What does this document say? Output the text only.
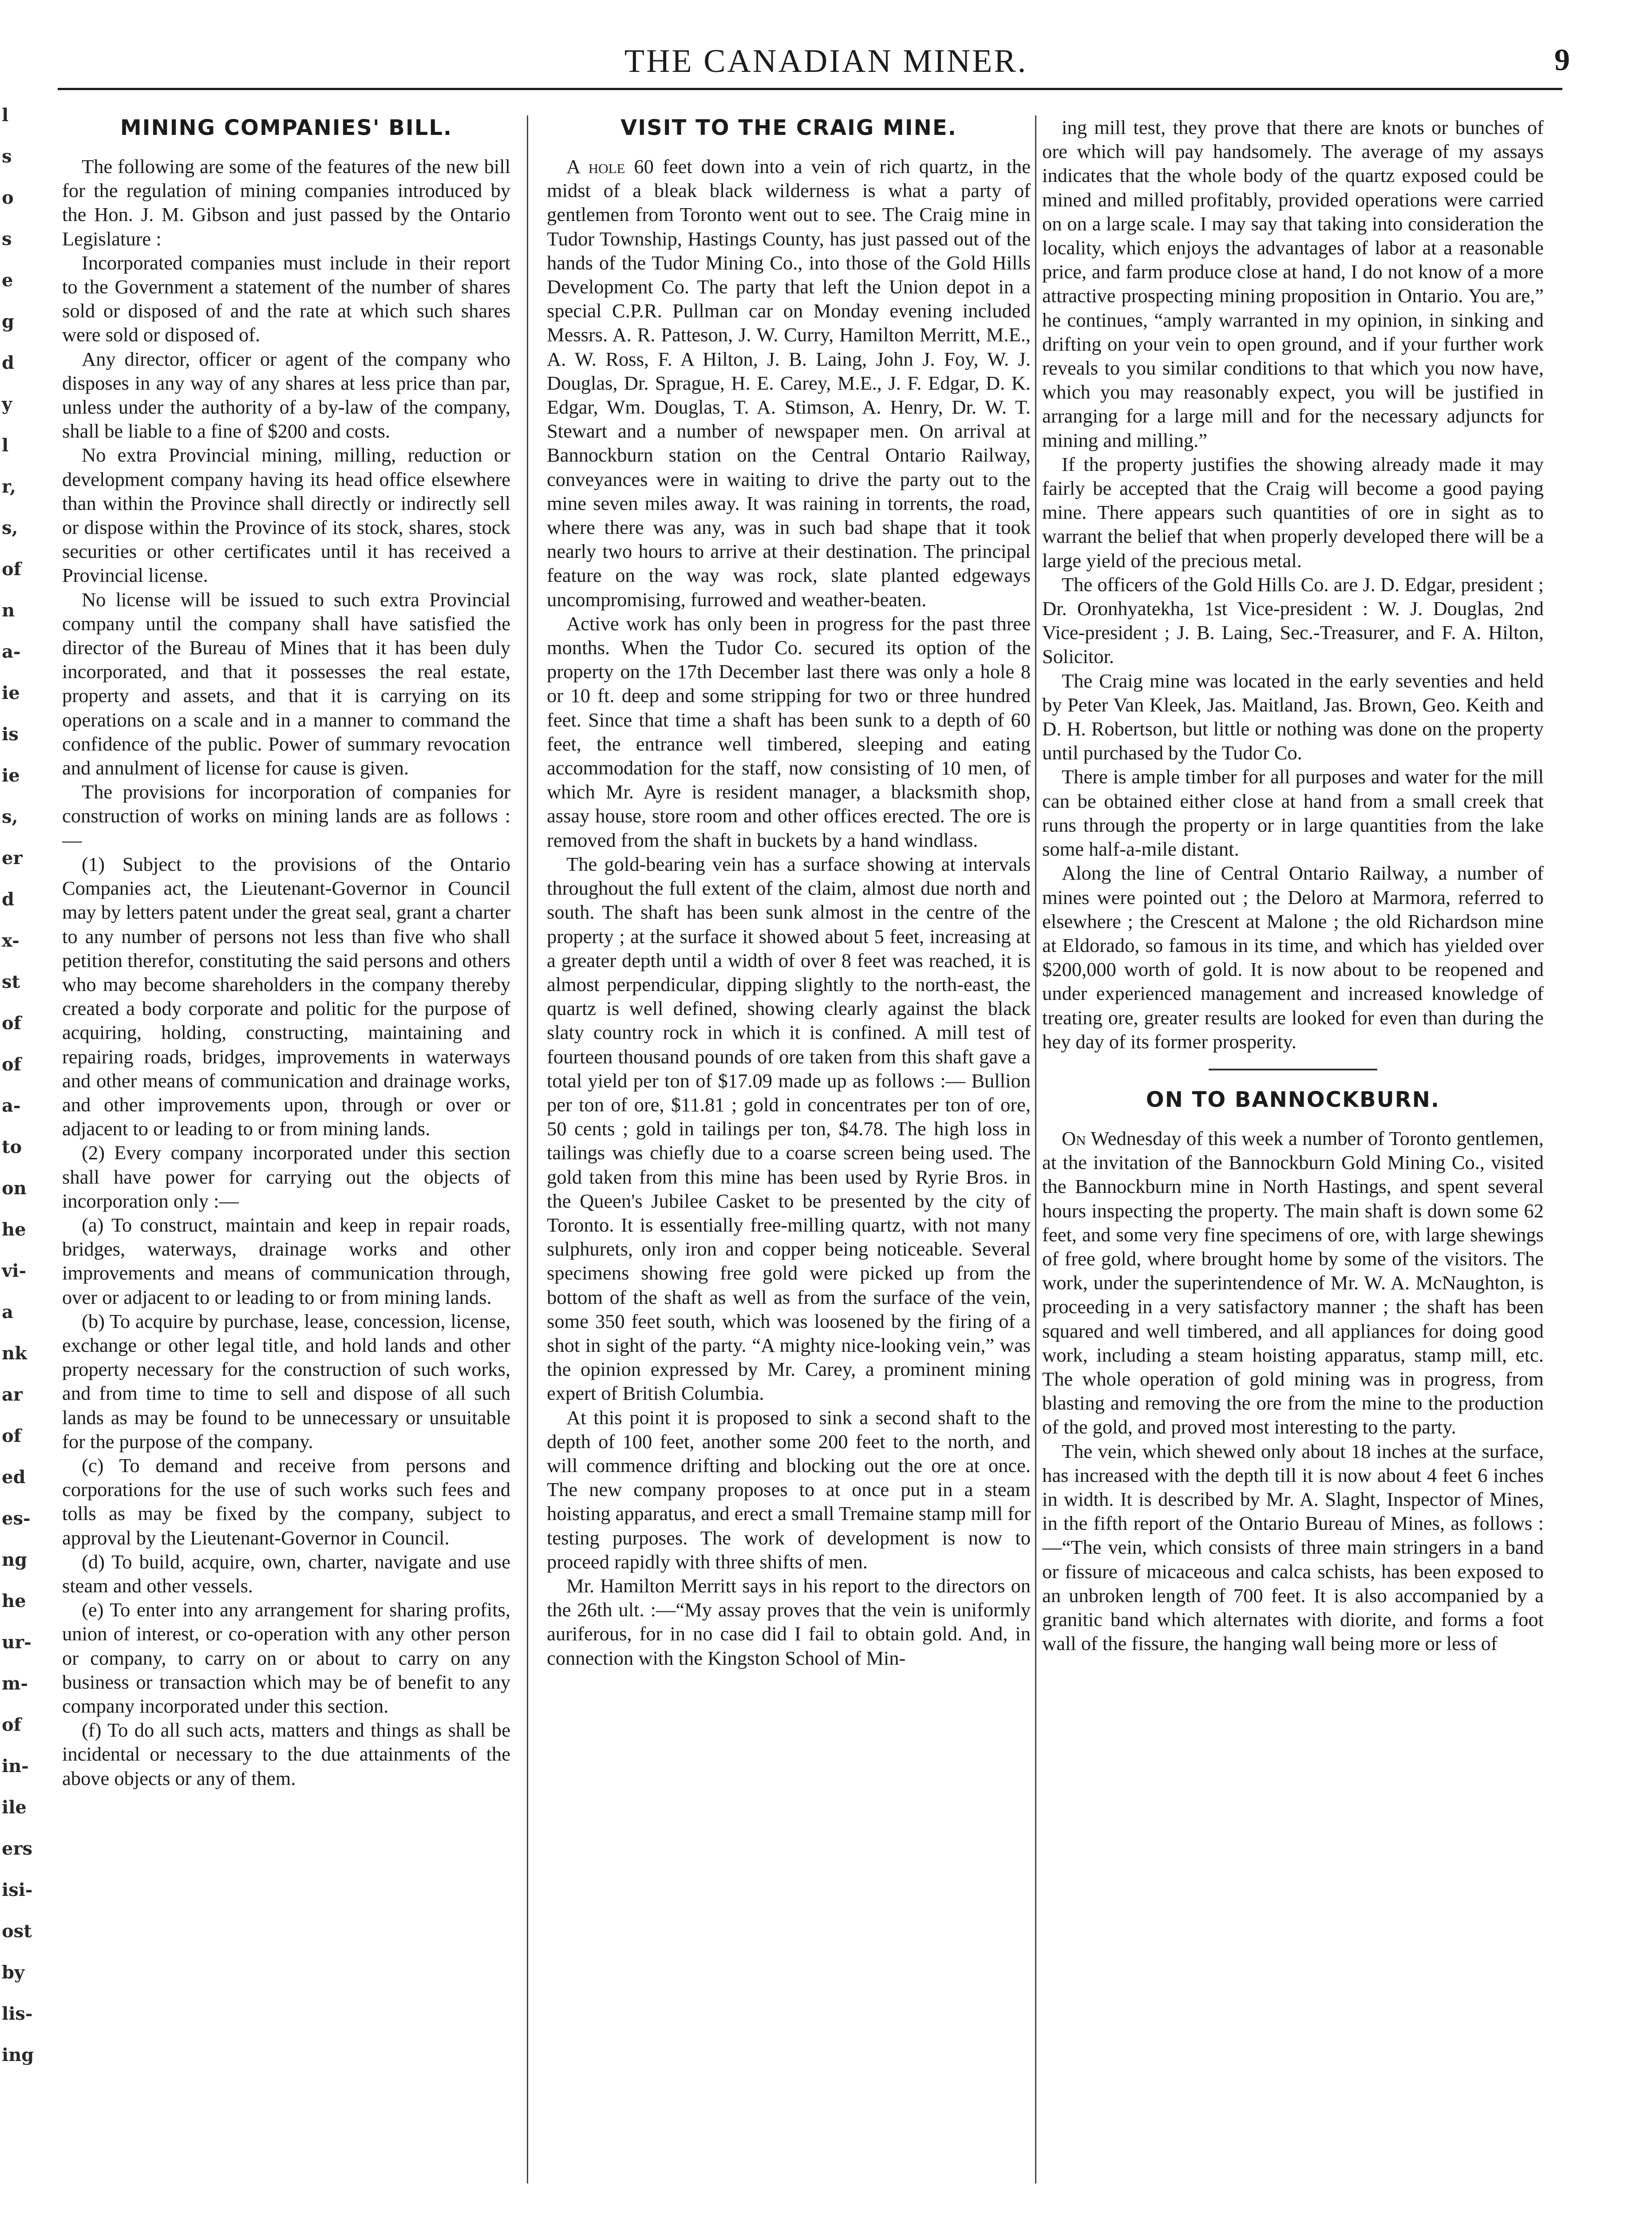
l
s
o
s
e
g
d
y
l
r,
s,
of
n
a-
ie
is
ie
s,
er
d
x-
st
of
of
a-
to
on
he
vi-
a
nk
ar
of
ed
es-
ng
he
ur-
m-
of
in-
ile
ers
isi-
ost
by
lis-
ing
THE CANADIAN MINER.	9
MINING COMPANIES' BILL.

The following are some of the features of the new bill for the regulation of mining companies introduced by the Hon. J. M. Gibson and just passed by the Ontario Legislature :

Incorporated companies must include in their report to the Government a statement of the number of shares sold or disposed of and the rate at which such shares were sold or disposed of.

Any director, officer or agent of the company who disposes in any way of any shares at less price than par, unless under the authority of a by-law of the company, shall be liable to a fine of $200 and costs.

No extra Provincial mining, milling, reduction or development company having its head office elsewhere than within the Province shall directly or indirectly sell or dispose within the Province of its stock, shares, stock securities or other certificates until it has received a Provincial license.

No license will be issued to such extra Provincial company until the company shall have satisfied the director of the Bureau of Mines that it has been duly incorporated, and that it possesses the real estate, property and assets, and that it is carrying on its operations on a scale and in a manner to command the confidence of the public. Power of summary revocation and annulment of license for cause is given.

The provisions for incorporation of companies for construction of works on mining lands are as follows :—

(1) Subject to the provisions of the Ontario Companies act, the Lieutenant-Governor in Council may by letters patent under the great seal, grant a charter to any number of persons not less than five who shall petition therefor, constituting the said persons and others who may become shareholders in the company thereby created a body corporate and politic for the purpose of acquiring, holding, constructing, maintaining and repairing roads, bridges, improvements in waterways and other means of communication and drainage works, and other improvements upon, through or over or adjacent to or leading to or from mining lands.

(2) Every company incorporated under this section shall have power for carrying out the objects of incorporation only :—

(a) To construct, maintain and keep in repair roads, bridges, waterways, drainage works and other improvements and means of communication through, over or adjacent to or leading to or from mining lands.

(b) To acquire by purchase, lease, concession, license, exchange or other legal title, and hold lands and other property necessary for the construction of such works, and from time to time to sell and dispose of all such lands as may be found to be unnecessary or unsuitable for the purpose of the company.

(c) To demand and receive from persons and corporations for the use of such works such fees and tolls as may be fixed by the company, subject to approval by the Lieutenant-Governor in Council.

(d) To build, acquire, own, charter, navigate and use steam and other vessels.

(e) To enter into any arrangement for sharing profits, union of interest, or co-operation with any other person or company, to carry on or about to carry on any business or transaction which may be of benefit to any company incorporated under this section.

(f) To do all such acts, matters and things as shall be incidental or necessary to the due attainments of the above objects or any of them.

VISIT TO THE CRAIG MINE.

A hole 60 feet down into a vein of rich quartz, in the midst of a bleak black wilderness is what a party of gentlemen from Toronto went out to see. The Craig mine in Tudor Township, Hastings County, has just passed out of the hands of the Tudor Mining Co., into those of the Gold Hills Development Co. The party that left the Union depot in a special C.P.R. Pullman car on Monday evening included Messrs. A. R. Patteson, J. W. Curry, Hamilton Merritt, M.E., A. W. Ross, F. A Hilton, J. B. Laing, John J. Foy, W. J. Douglas, Dr. Sprague, H. E. Carey, M.E., J. F. Edgar, D. K. Edgar, Wm. Douglas, T. A. Stimson, A. Henry, Dr. W. T. Stewart and a number of newspaper men. On arrival at Bannockburn station on the Central Ontario Railway, conveyances were in waiting to drive the party out to the mine seven miles away. It was raining in torrents, the road, where there was any, was in such bad shape that it took nearly two hours to arrive at their destination. The principal feature on the way was rock, slate planted edgeways uncompromising, furrowed and weather-beaten.

Active work has only been in progress for the past three months. When the Tudor Co. secured its option of the property on the 17th December last there was only a hole 8 or 10 ft. deep and some stripping for two or three hundred feet. Since that time a shaft has been sunk to a depth of 60 feet, the entrance well timbered, sleeping and eating accommodation for the staff, now consisting of 10 men, of which Mr. Ayre is resident manager, a blacksmith shop, assay house, store room and other offices erected. The ore is removed from the shaft in buckets by a hand windlass.

The gold-bearing vein has a surface showing at intervals throughout the full extent of the claim, almost due north and south. The shaft has been sunk almost in the centre of the property ; at the surface it showed about 5 feet, increasing at a greater depth until a width of over 8 feet was reached, it is almost perpendicular, dipping slightly to the north-east, the quartz is well defined, showing clearly against the black slaty country rock in which it is confined. A mill test of fourteen thousand pounds of ore taken from this shaft gave a total yield per ton of $17.09 made up as follows :— Bullion per ton of ore, $11.81 ; gold in concentrates per ton of ore, 50 cents ; gold in tailings per ton, $4.78. The high loss in tailings was chiefly due to a coarse screen being used. The gold taken from this mine has been used by Ryrie Bros. in the Queen's Jubilee Casket to be presented by the city of Toronto. It is essentially free-milling quartz, with not many sulphurets, only iron and copper being noticeable. Several specimens showing free gold were picked up from the bottom of the shaft as well as from the surface of the vein, some 350 feet south, which was loosened by the firing of a shot in sight of the party. “A mighty nice-looking vein,” was the opinion expressed by Mr. Carey, a prominent mining expert of British Columbia.

At this point it is proposed to sink a second shaft to the depth of 100 feet, another some 200 feet to the north, and will commence drifting and blocking out the ore at once. The new company proposes to at once put in a steam hoisting apparatus, and erect a small Tremaine stamp mill for testing purposes. The work of development is now to proceed rapidly with three shifts of men.

Mr. Hamilton Merritt says in his report to the directors on the 26th ult. :—“My assay proves that the vein is uniformly auriferous, for in no case did I fail to obtain gold. And, in connection with the Kingston School of Min-

ing mill test, they prove that there are knots or bunches of ore which will pay handsomely. The average of my assays indicates that the whole body of the quartz exposed could be mined and milled profitably, provided operations were carried on on a large scale. I may say that taking into consideration the locality, which enjoys the advantages of labor at a reasonable price, and farm produce close at hand, I do not know of a more attractive prospecting mining proposition in Ontario. You are,” he continues, “amply warranted in my opinion, in sinking and drifting on your vein to open ground, and if your further work reveals to you similar conditions to that which you now have, which you may reasonably expect, you will be justified in arranging for a large mill and for the necessary adjuncts for mining and milling.”

If the property justifies the showing already made it may fairly be accepted that the Craig will become a good paying mine. There appears such quantities of ore in sight as to warrant the belief that when properly developed there will be a large yield of the precious metal.

The officers of the Gold Hills Co. are J. D. Edgar, president ; Dr. Oronhyatekha, 1st Vice-president : W. J. Douglas, 2nd Vice-president ; J. B. Laing, Sec.-Treasurer, and F. A. Hilton, Solicitor.

The Craig mine was located in the early seventies and held by Peter Van Kleek, Jas. Maitland, Jas. Brown, Geo. Keith and D. H. Robertson, but little or nothing was done on the property until purchased by the Tudor Co.

There is ample timber for all purposes and water for the mill can be obtained either close at hand from a small creek that runs through the property or in large quantities from the lake some half-a-mile distant.

Along the line of Central Ontario Railway, a number of mines were pointed out ; the Deloro at Marmora, referred to elsewhere ; the Crescent at Malone ; the old Richardson mine at Eldorado, so famous in its time, and which has yielded over $200,000 worth of gold. It is now about to be reopened and under experienced management and increased knowledge of treating ore, greater results are looked for even than during the hey day of its former prosperity.

ON TO BANNOCKBURN.

On Wednesday of this week a number of Toronto gentlemen, at the invitation of the Bannockburn Gold Mining Co., visited the Bannockburn mine in North Hastings, and spent several hours inspecting the property. The main shaft is down some 62 feet, and some very fine specimens of ore, with large shewings of free gold, where brought home by some of the visitors. The work, under the superintendence of Mr. W. A. McNaughton, is proceeding in a very satisfactory manner ; the shaft has been squared and well timbered, and all appliances for doing good work, including a steam hoisting apparatus, stamp mill, etc. The whole operation of gold mining was in progress, from blasting and removing the ore from the mine to the production of the gold, and proved most interesting to the party.

The vein, which shewed only about 18 inches at the surface, has increased with the depth till it is now about 4 feet 6 inches in width. It is described by Mr. A. Slaght, Inspector of Mines, in the fifth report of the Ontario Bureau of Mines, as follows :—“The vein, which consists of three main stringers in a band or fissure of micaceous and calca schists, has been exposed to an unbroken length of 700 feet. It is also accompanied by a granitic band which alternates with diorite, and forms a foot wall of the fissure, the hanging wall being more or less of
